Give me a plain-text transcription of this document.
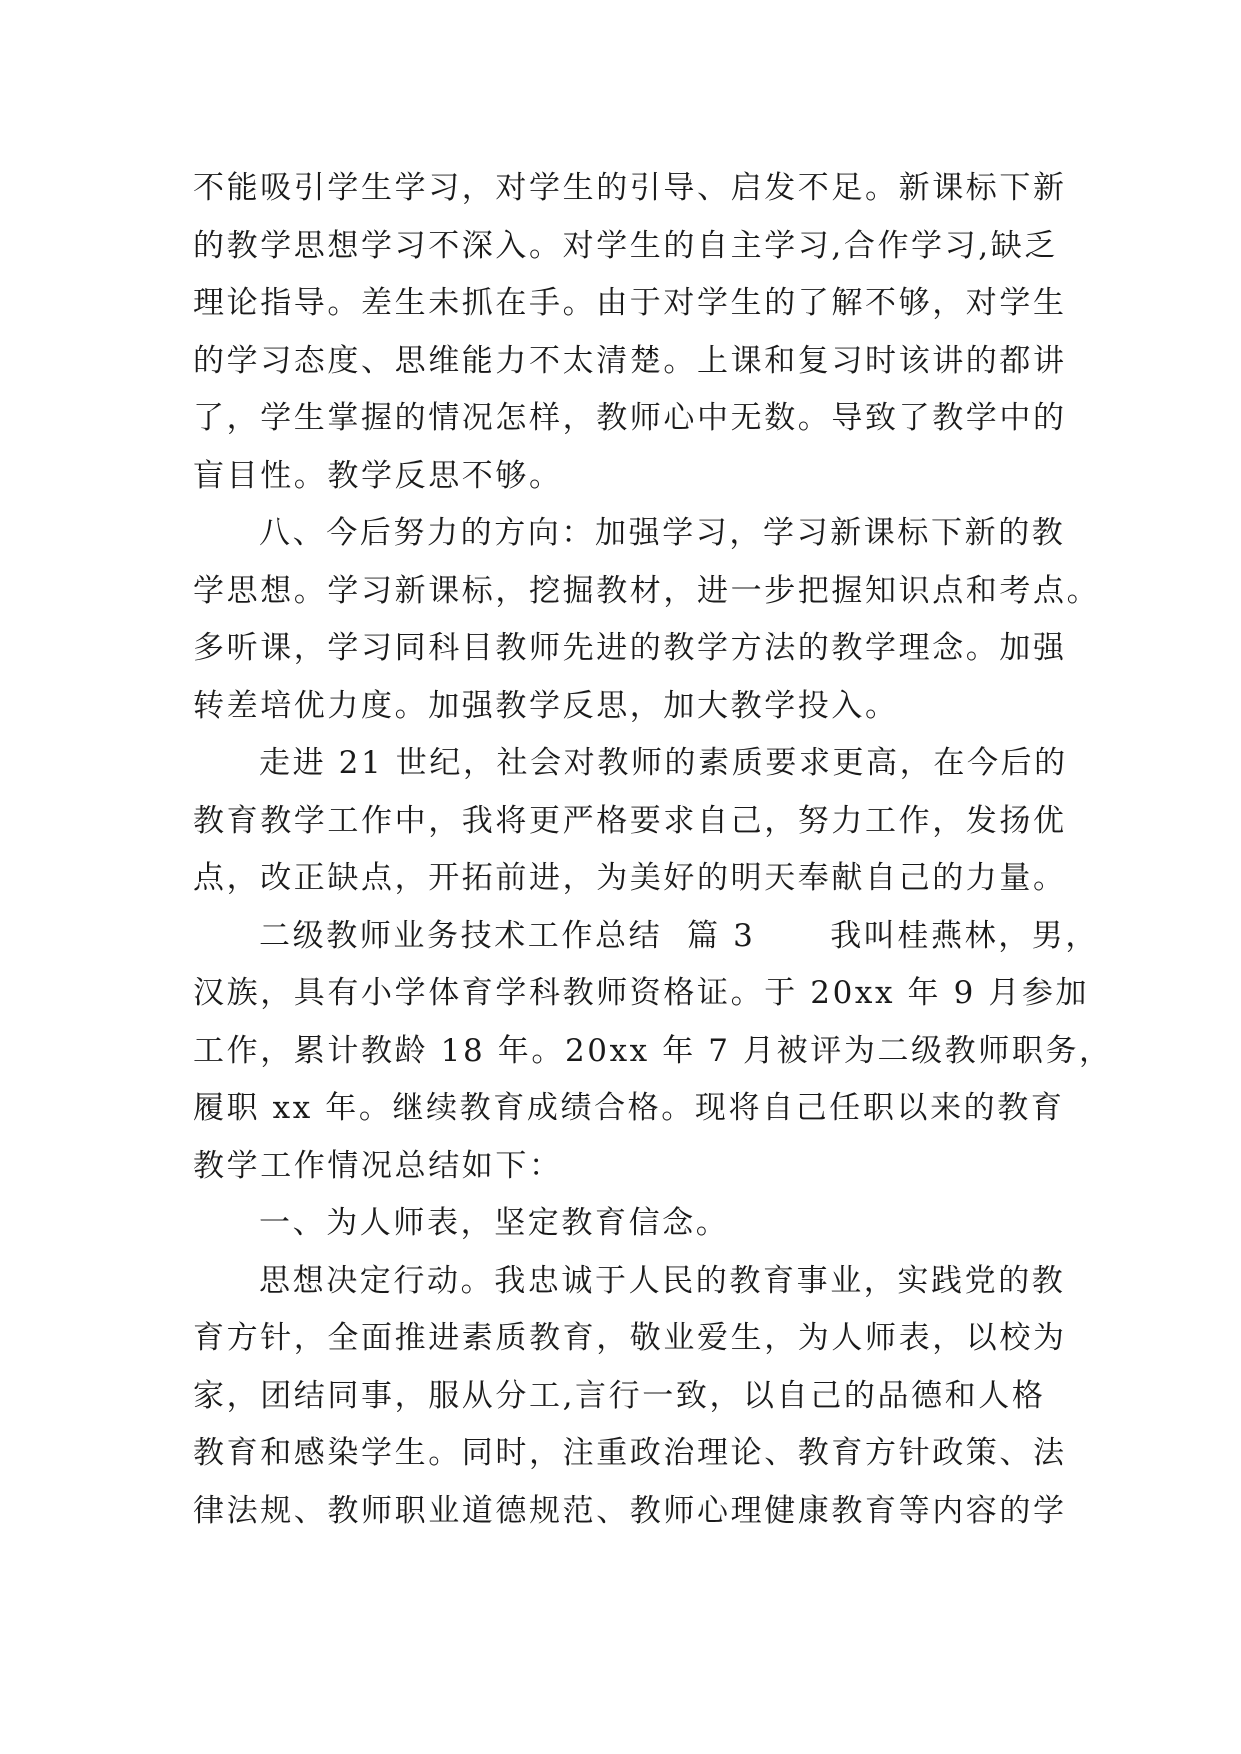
不能吸引学生学习，对学生的引导、启发不足。新课标下新
的教学思想学习不深入。对学生的自主学习,合作学习,缺乏
理论指导。差生未抓在手。由于对学生的了解不够，对学生
的学习态度、思维能力不太清楚。上课和复习时该讲的都讲
了，学生掌握的情况怎样，教师心中无数。导致了教学中的
盲目性。教学反思不够。
八、今后努力的方向：加强学习，学习新课标下新的教
学思想。学习新课标，挖掘教材，进一步把握知识点和考点。
多听课，学习同科目教师先进的教学方法的教学理念。加强
转差培优力度。加强教学反思，加大教学投入。
走进 21 世纪，社会对教师的素质要求更高，在今后的
教育教学工作中，我将更严格要求自己，努力工作，发扬优
点，改正缺点，开拓前进，为美好的明天奉献自己的力量。
二级教师业务技术工作总结  篇 3      我叫桂燕林，男，
汉族，具有小学体育学科教师资格证。于 20xx 年 9 月参加
工作，累计教龄 18 年。20xx 年 7 月被评为二级教师职务，
履职 xx 年。继续教育成绩合格。现将自己任职以来的教育
教学工作情况总结如下：
一、为人师表，坚定教育信念。
思想决定行动。我忠诚于人民的教育事业，实践党的教
育方针，全面推进素质教育，敬业爱生，为人师表，以校为
家，团结同事，服从分工,言行一致，以自己的品德和人格
教育和感染学生。同时，注重政治理论、教育方针政策、法
律法规、教师职业道德规范、教师心理健康教育等内容的学
